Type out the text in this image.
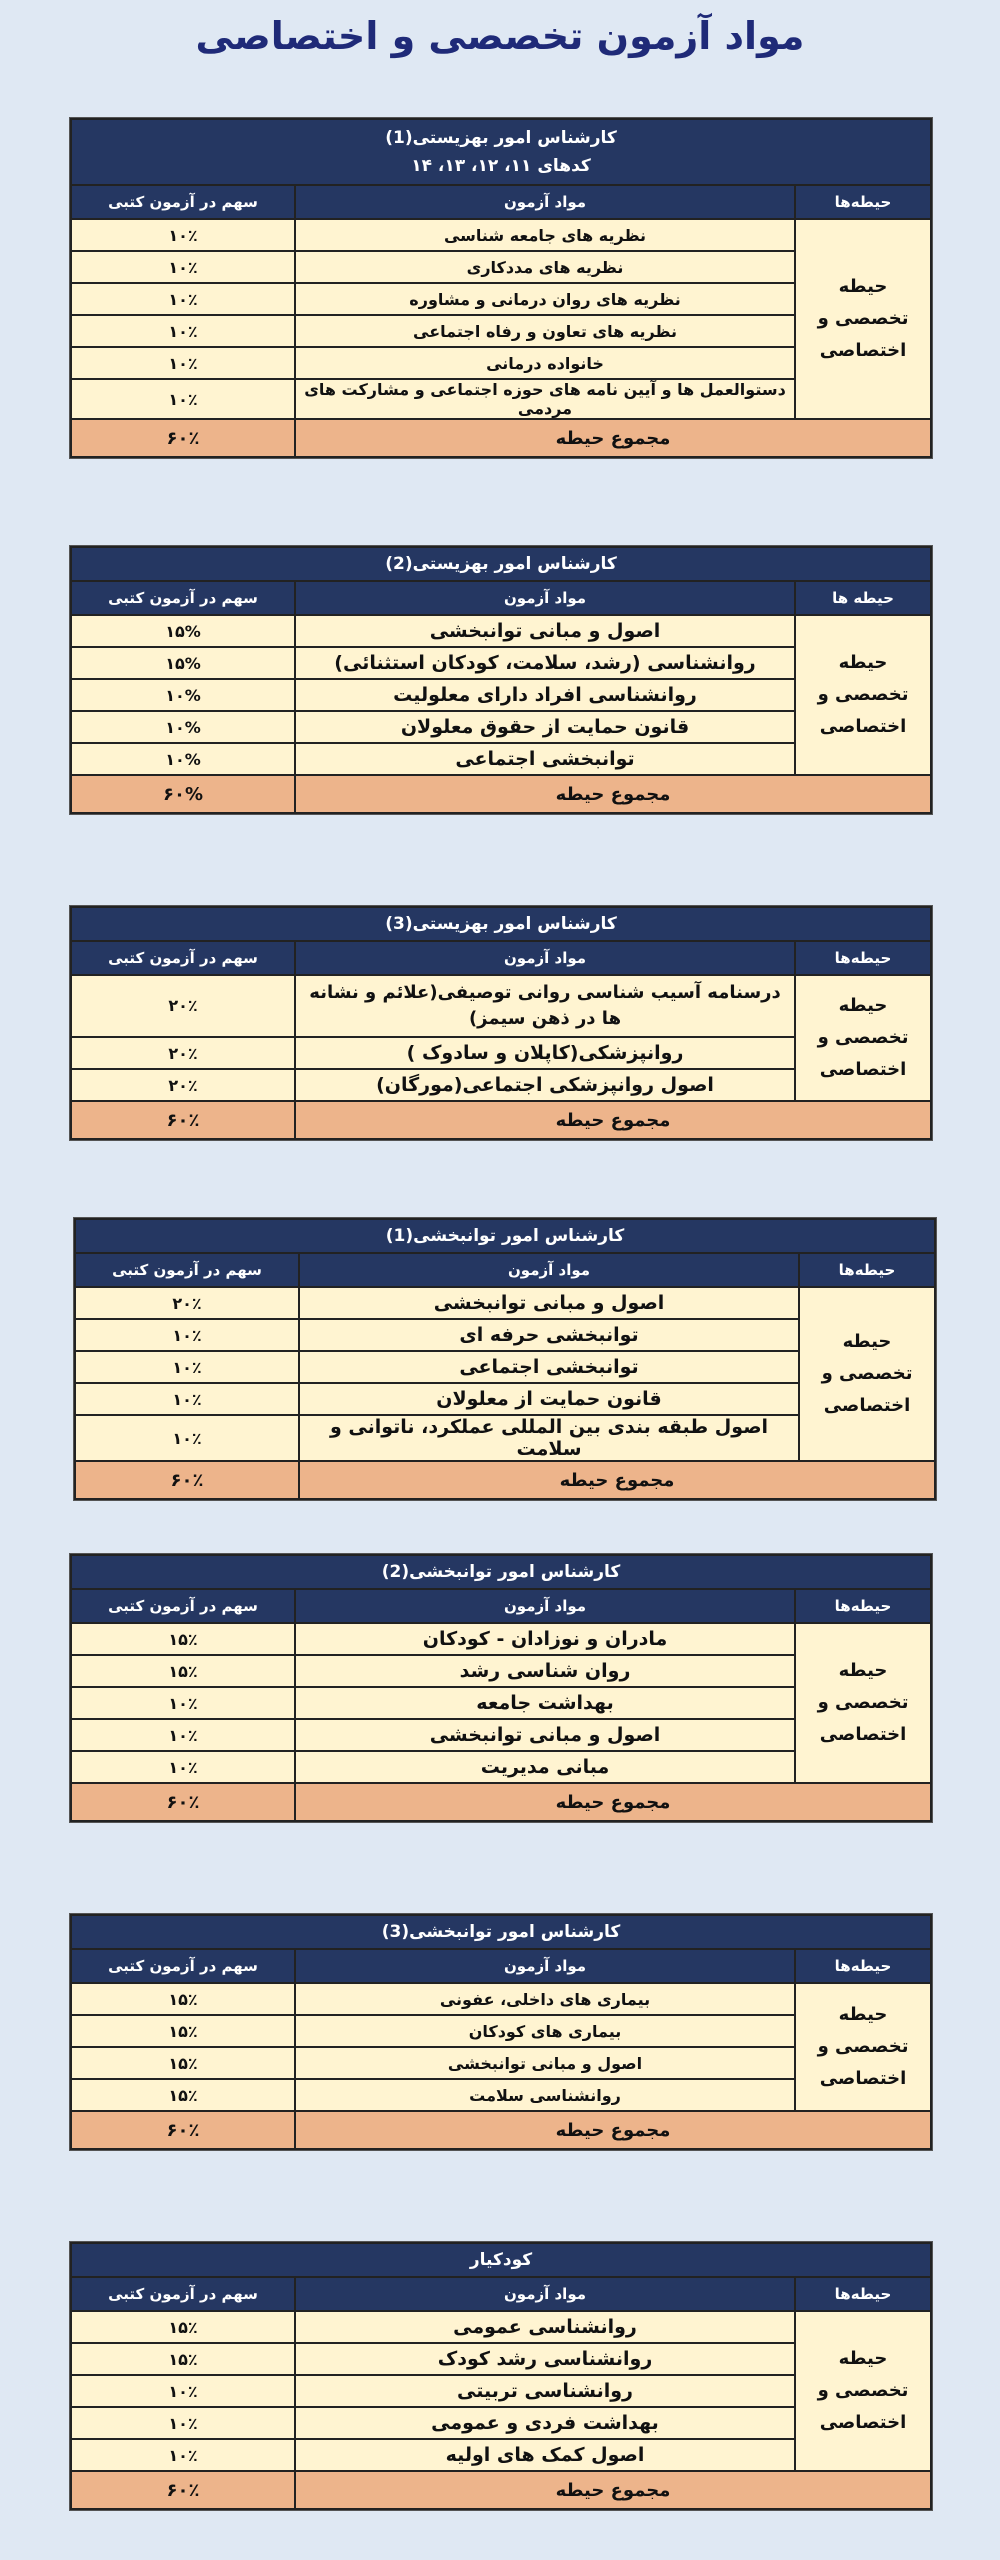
مواد آزمون تخصصی و اختصاصی
کارشناس امور بهزیستی(1)
کدهای ۱۱، ۱۲، ۱۳، ۱۴		

حیطه‌ها	مواد آزمون	سهم در آزمون کتبی
حیطه تخصصی و اختصاصی	نظریه های جامعه شناسی	۱۰٪
	نظریه های مددکاری	۱۰٪
	نظریه های روان درمانی و مشاوره	۱۰٪
	نظریه های تعاون و رفاه اجتماعی	۱۰٪
	خانواده درمانی	۱۰٪
	دستوالعمل ها و آیین نامه های حوزه اجتماعی و مشارکت های مردمی	۱۰٪
مجموع حیطه		۶۰٪
کارشناس امور بهزیستی(2)		
حیطه ها	مواد آزمون	سهم در آزمون کتبی
حیطه تخصصی و اختصاصی	اصول و مبانی توانبخشی	۱۵%
	روانشناسی (رشد، سلامت، کودکان استثنائی)	۱۵%
	روانشناسی افراد دارای معلولیت	۱۰%
	قانون حمایت از حقوق معلولان	۱۰%
	توانبخشی اجتماعی	۱۰%
مجموع حیطه		۶۰%
کارشناس امور بهزیستی(3)		
حیطه‌ها	مواد آزمون	سهم در آزمون کتبی
حیطه تخصصی و اختصاصی	درسنامه آسیب شناسی روانی توصیفی(علائم و نشانه ها در ذهن سیمز)	۲۰٪
	روانپزشکی(کاپلان و سادوک )	۲۰٪
	اصول روانپزشکی اجتماعی(مورگان)	۲۰٪
مجموع حیطه		۶۰٪
کارشناس امور توانبخشی(1)		
حیطه‌ها	مواد آزمون	سهم در آزمون کتبی
حیطه تخصصی و اختصاصی	اصول و مبانی توانبخشی	۲۰٪
	توانبخشی حرفه ای	۱۰٪
	توانبخشی اجتماعی	۱۰٪
	قانون حمایت از معلولان	۱۰٪
	اصول طبقه بندی بین المللی عملکرد، ناتوانی و سلامت	۱۰٪
مجموع حیطه		۶۰٪
کارشناس امور توانبخشی(2)		
حیطه‌ها	مواد آزمون	سهم در آزمون کتبی
حیطه تخصصی و اختصاصی	مادران و نوزادان - کودکان	۱۵٪
	روان شناسی رشد	۱۵٪
	بهداشت جامعه	۱۰٪
	اصول و مبانی توانبخشی	۱۰٪
	مبانی مدیریت	۱۰٪
مجموع حیطه		۶۰٪
کارشناس امور توانبخشی(3)		
حیطه‌ها	مواد آزمون	سهم در آزمون کتبی
حیطه تخصصی و اختصاصی	بیماری های داخلی، عفونی	۱۵٪
	بیماری های کودکان	۱۵٪
	اصول و مبانی توانبخشی	۱۵٪
	روانشناسی سلامت	۱۵٪
مجموع حیطه		۶۰٪
کودکیار		
حیطه‌ها	مواد آزمون	سهم در آزمون کتبی
حیطه تخصصی و اختصاصی	روانشناسی عمومی	۱۵٪
	روانشناسی رشد کودک	۱۵٪
	روانشناسی تربیتی	۱۰٪
	بهداشت فردی و عمومی	۱۰٪
	اصول کمک های اولیه	۱۰٪
مجموع حیطه		۶۰٪
